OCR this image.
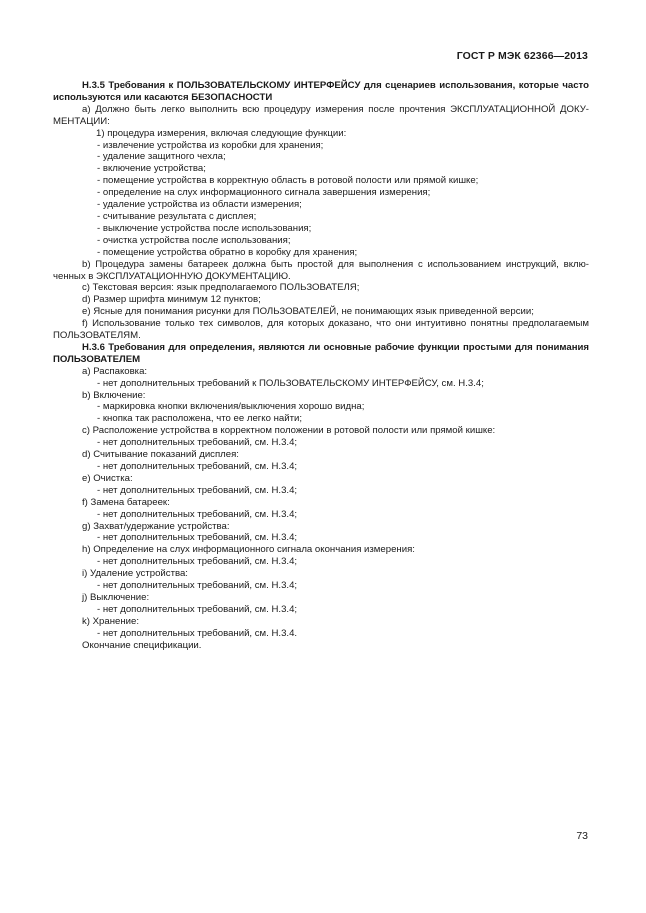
ГОСТ Р МЭК 62366—2013

Н.3.5 Требования к ПОЛЬЗОВАТЕЛЬСКОМУ ИНТЕРФЕЙСУ для сценариев использования, которые часто используются или касаются БЕЗОПАСНОСТИ

а) Должно быть легко выполнить всю процедуру измерения после прочтения ЭКСПЛУАТАЦИОННОЙ ДОКУМЕНТАЦИИ:

1) процедура измерения, включая следующие функции:

- извлечение устройства из коробки для хранения;

- удаление защитного чехла;

- включение устройства;

- помещение устройства в корректную область в ротовой полости или прямой кишке;

- определение на слух информационного сигнала завершения измерения;

- удаление устройства из области измерения;

- считывание результата с дисплея;

- выключение устройства после использования;

- очистка устройства после использования;

- помещение устройства обратно в коробку для хранения;

b) Процедура замены батареек должна быть простой для выполнения с использованием инструкций, включенных в ЭКСПЛУАТАЦИОННУЮ ДОКУМЕНТАЦИЮ.

c) Текстовая версия: язык предполагаемого ПОЛЬЗОВАТЕЛЯ;

d) Размер шрифта минимум 12 пунктов;

e) Ясные для понимания рисунки для ПОЛЬЗОВАТЕЛЕЙ, не понимающих язык приведенной версии;

f) Использование только тех символов, для которых доказано, что они интуитивно понятны предполагаемым ПОЛЬЗОВАТЕЛЯМ.

Н.3.6 Требования для определения, являются ли основные рабочие функции простыми для понимания ПОЛЬЗОВАТЕЛЕМ

a) Распаковка:

- нет дополнительных требований к ПОЛЬЗОВАТЕЛЬСКОМУ ИНТЕРФЕЙСУ, см. Н.3.4;

b) Включение:

- маркировка кнопки включения/выключения хорошо видна;

- кнопка так расположена, что ее легко найти;

c) Расположение устройства в корректном положении в ротовой полости или прямой кишке:

- нет дополнительных требований, см. Н.3.4;

d) Считывание показаний дисплея:

- нет дополнительных требований, см. Н.3.4;

e) Очистка:

- нет дополнительных требований, см. Н.3.4;

f) Замена батареек:

- нет дополнительных требований, см. Н.3.4;

g) Захват/удержание устройства:

- нет дополнительных требований, см. Н.3.4;

h) Определение на слух информационного сигнала окончания измерения:

- нет дополнительных требований, см. Н.3.4;

i) Удаление устройства:

- нет дополнительных требований, см. Н.3.4;

j) Выключение:

- нет дополнительных требований, см. Н.3.4;

k) Хранение:

- нет дополнительных требований, см. Н.3.4.

Окончание спецификации.

73
